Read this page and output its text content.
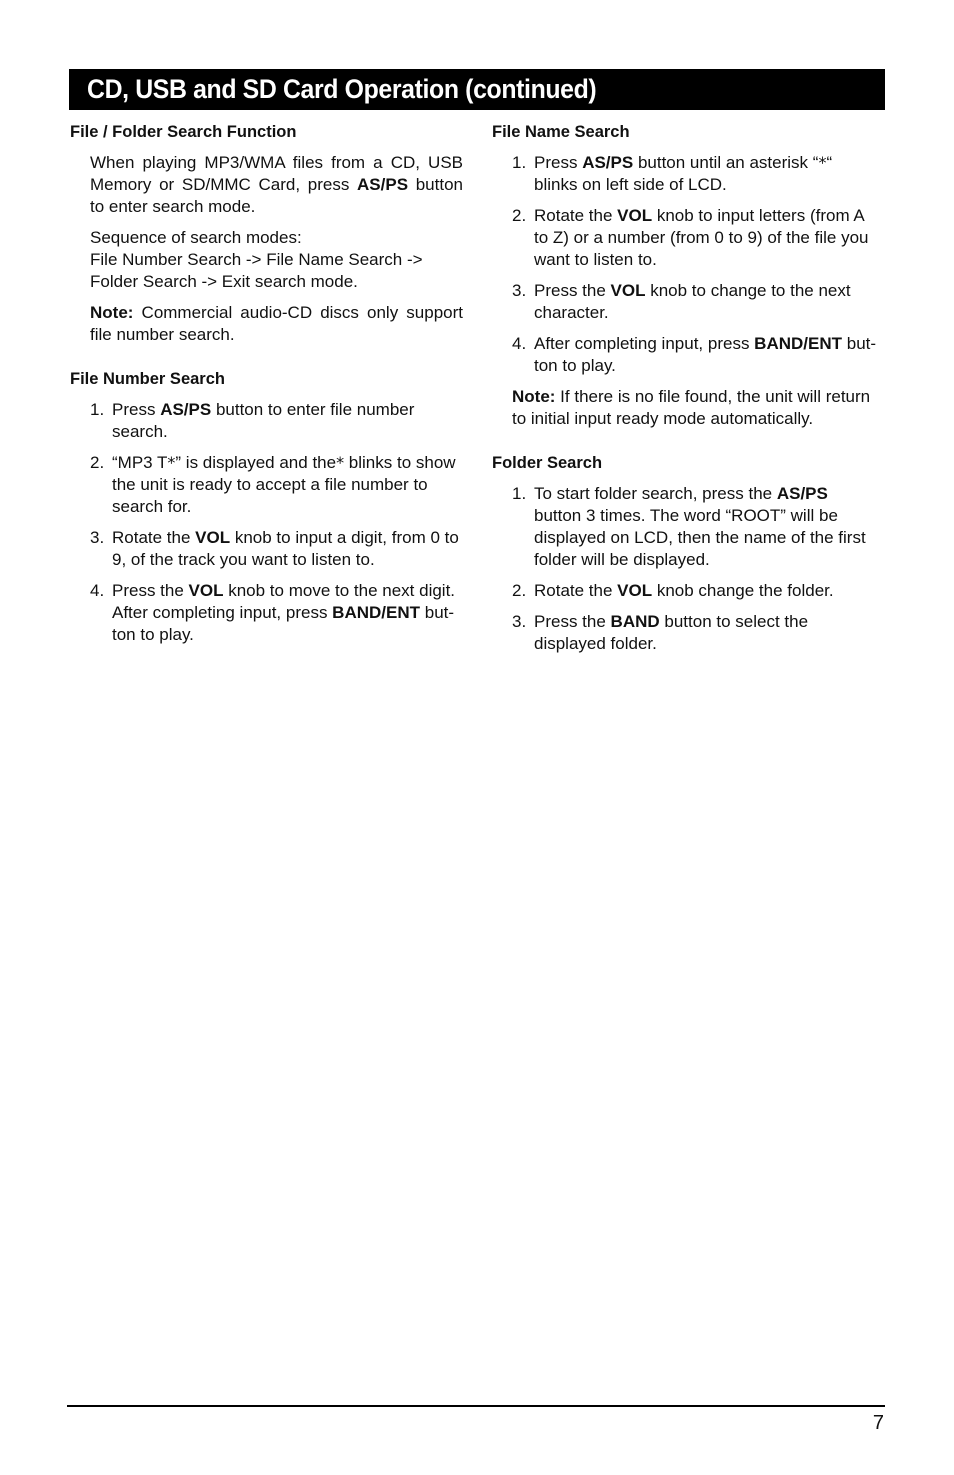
CD, USB and SD Card Operation (continued)

File / Folder Search Function

When playing MP3/WMA files from a CD, USB Memory or SD/MMC Card, press AS/PS button to enter search mode.

Sequence of search modes:
File Number Search -> File Name Search ->
Folder Search -> Exit search mode.

Note: Commercial audio-CD discs only support file number search.

File Number Search

1. Press AS/PS button to enter file number search.
2. “MP3 T*” is displayed and the* blinks to show the unit is ready to accept a file number to search for.
3. Rotate the VOL knob to input a digit, from 0 to 9, of the track you want to listen to.
4. Press the VOL knob to move to the next digit. After completing input, press BAND/ENT but-ton to play.

File Name Search

1. Press AS/PS button until an asterisk “*“ blinks on left side of LCD.
2. Rotate the VOL knob to input letters (from A to Z) or a number (from 0 to 9) of the file you want to listen to.
3. Press the VOL knob to change to the next character.
4. After completing input, press BAND/ENT but-ton to play.

Note: If there is no file found, the unit will return to initial input ready mode automatically.

Folder Search

1. To start folder search, press the AS/PS button 3 times. The word “ROOT” will be displayed on LCD, then the name of the first folder will be displayed.
2. Rotate the VOL knob change the folder.
3. Press the BAND button to select the displayed folder.
7
